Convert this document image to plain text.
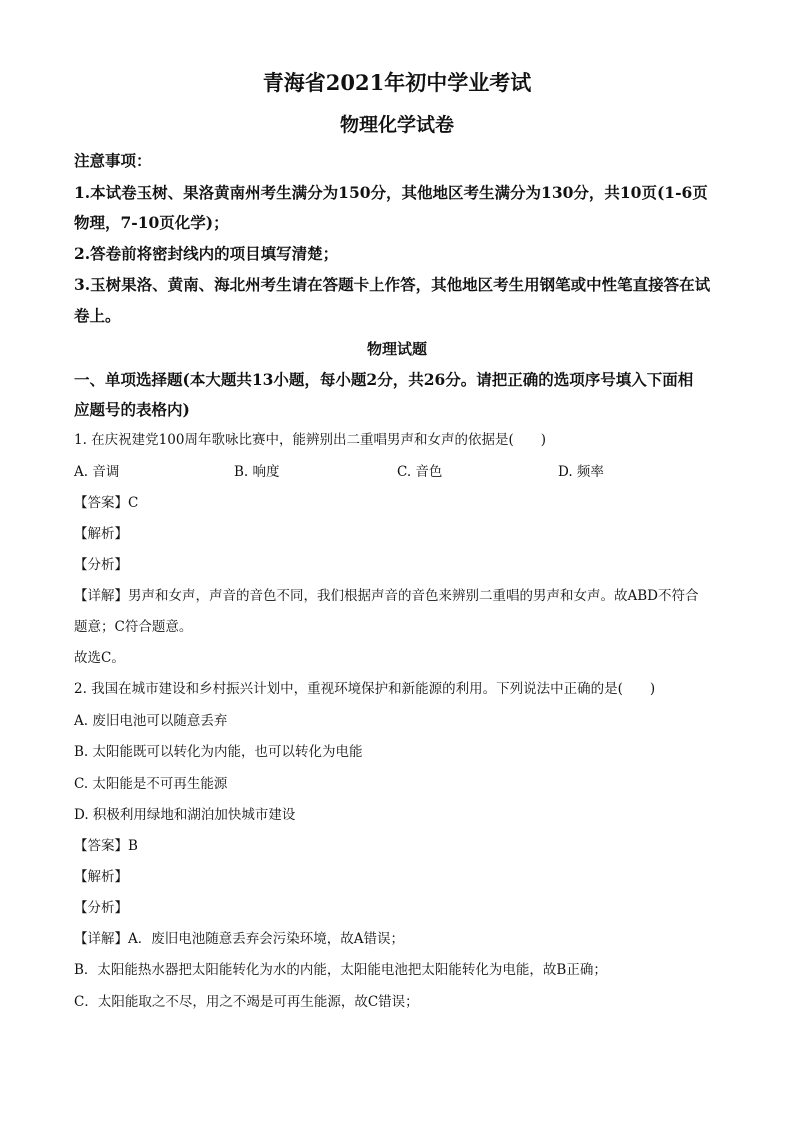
青海省2021年初中学业考试
物理化学试卷
注意事项：
1.本试卷玉树、果洛黄南州考生满分为150分，其他地区考生满分为130分，共10页(1-6页
物理，7-10页化学)；
2.答卷前将密封线内的项目填写清楚；
3.玉树果洛、黄南、海北州考生请在答题卡上作答，其他地区考生用钢笔或中性笔直接答在试
卷上。
物理试题
一、单项选择题(本大题共13小题，每小题2分，共26分。请把正确的选项序号填入下面相
应题号的表格内)
1. 在庆祝建党100周年歌咏比赛中，能辨别出二重唱男声和女声的依据是(　　)
A. 音调	B. 响度	C. 音色	D. 频率
【答案】C
【解析】
【分析】
【详解】男声和女声，声音的音色不同，我们根据声音的音色来辨别二重唱的男声和女声。故ABD不符合
题意；C符合题意。
故选C。
2. 我国在城市建设和乡村振兴计划中，重视环境保护和新能源的利用。下列说法中正确的是(　　)
A. 废旧电池可以随意丢弃
B. 太阳能既可以转化为内能，也可以转化为电能
C. 太阳能是不可再生能源
D. 积极利用绿地和湖泊加快城市建设
【答案】B
【解析】
【分析】
【详解】A．废旧电池随意丢弃会污染环境，故A错误；
B．太阳能热水器把太阳能转化为水的内能，太阳能电池把太阳能转化为电能，故B正确；
C．太阳能取之不尽，用之不竭是可再生能源，故C错误；
